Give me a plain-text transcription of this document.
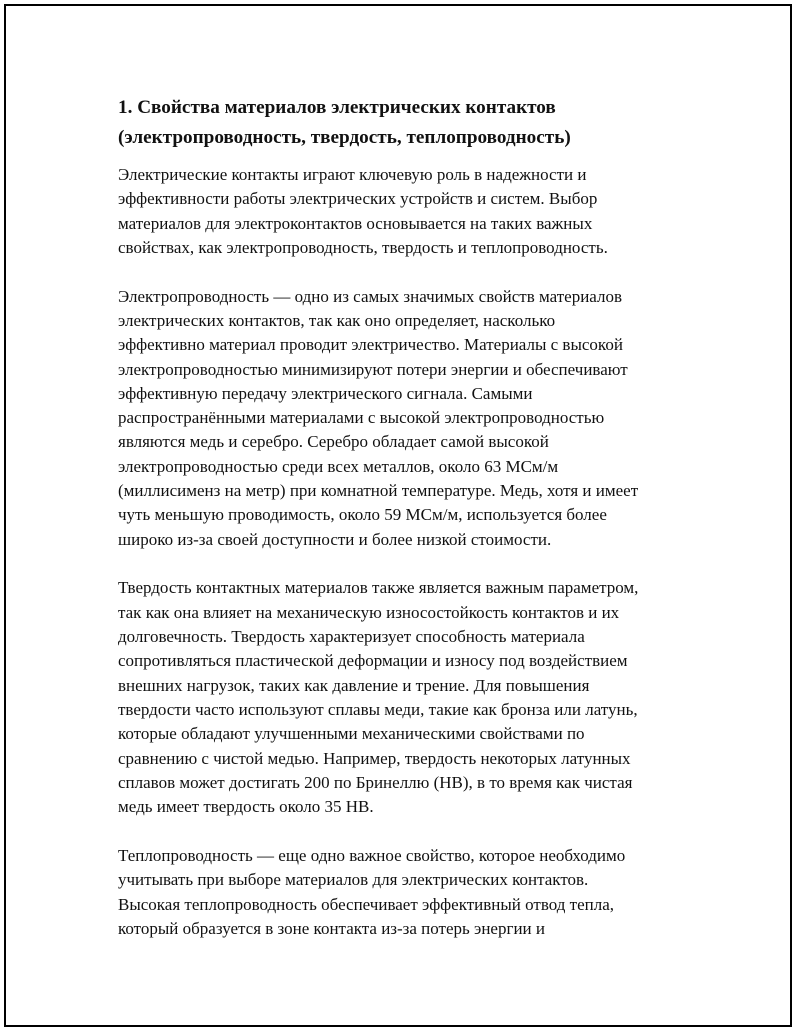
1. Свойства материалов электрических контактов
(электропроводность, твердость, теплопроводность)
Электрические контакты играют ключевую роль в надежности и
эффективности работы электрических устройств и систем. Выбор
материалов для электроконтактов основывается на таких важных
свойствах, как электропроводность, твердость и теплопроводность.
Электропроводность — одно из самых значимых свойств материалов
электрических контактов, так как оно определяет, насколько
эффективно материал проводит электричество. Материалы с высокой
электропроводностью минимизируют потери энергии и обеспечивают
эффективную передачу электрического сигнала. Самыми
распространёнными материалами с высокой электропроводностью
являются медь и серебро. Серебро обладает самой высокой
электропроводностью среди всех металлов, около 63 МСм/м
(миллисименз на метр) при комнатной температуре. Медь, хотя и имеет
чуть меньшую проводимость, около 59 МСм/м, используется более
широко из-за своей доступности и более низкой стоимости.
Твердость контактных материалов также является важным параметром,
так как она влияет на механическую износостойкость контактов и их
долговечность. Твердость характеризует способность материала
сопротивляться пластической деформации и износу под воздействием
внешних нагрузок, таких как давление и трение. Для повышения
твердости часто используют сплавы меди, такие как бронза или латунь,
которые обладают улучшенными механическими свойствами по
сравнению с чистой медью. Например, твердость некоторых латунных
сплавов может достигать 200 по Бринеллю (HB), в то время как чистая
медь имеет твердость около 35 HB.
Теплопроводность — еще одно важное свойство, которое необходимо
учитывать при выборе материалов для электрических контактов.
Высокая теплопроводность обеспечивает эффективный отвод тепла,
который образуется в зоне контакта из-за потерь энергии и
